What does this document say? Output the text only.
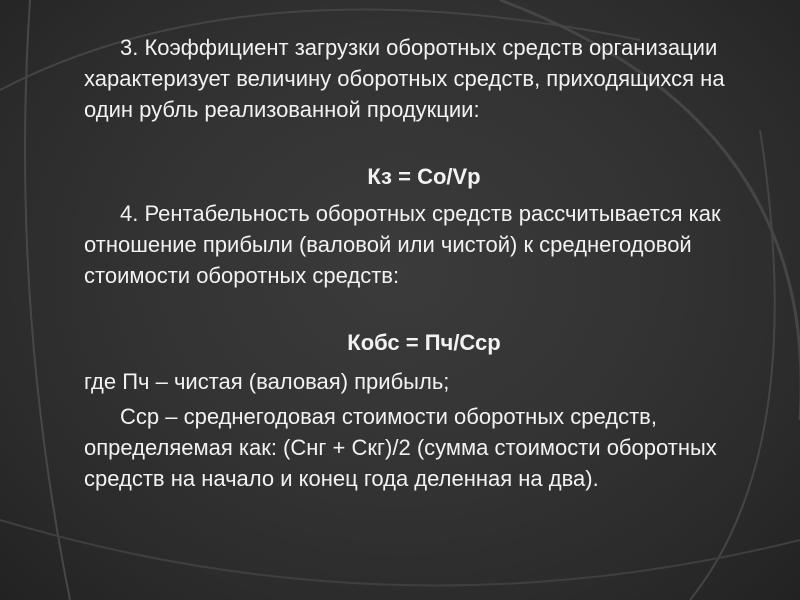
3. Коэффициент загрузки оборотных средств организации характеризует величину оборотных средств, приходящихся на один рубль реализованной продукции:

Кз = Со/Vр

4. Рентабельность оборотных средств рассчитывается как отношение прибыли (валовой или чистой) к среднегодовой стоимости оборотных средств:

Кобс = Пч/Сср

где Пч – чистая (валовая) прибыль;

Сср – среднегодовая стоимости оборотных средств, определяемая как: (Снг + Скг)/2 (сумма стоимости оборотных средств на начало и конец года деленная на два).
